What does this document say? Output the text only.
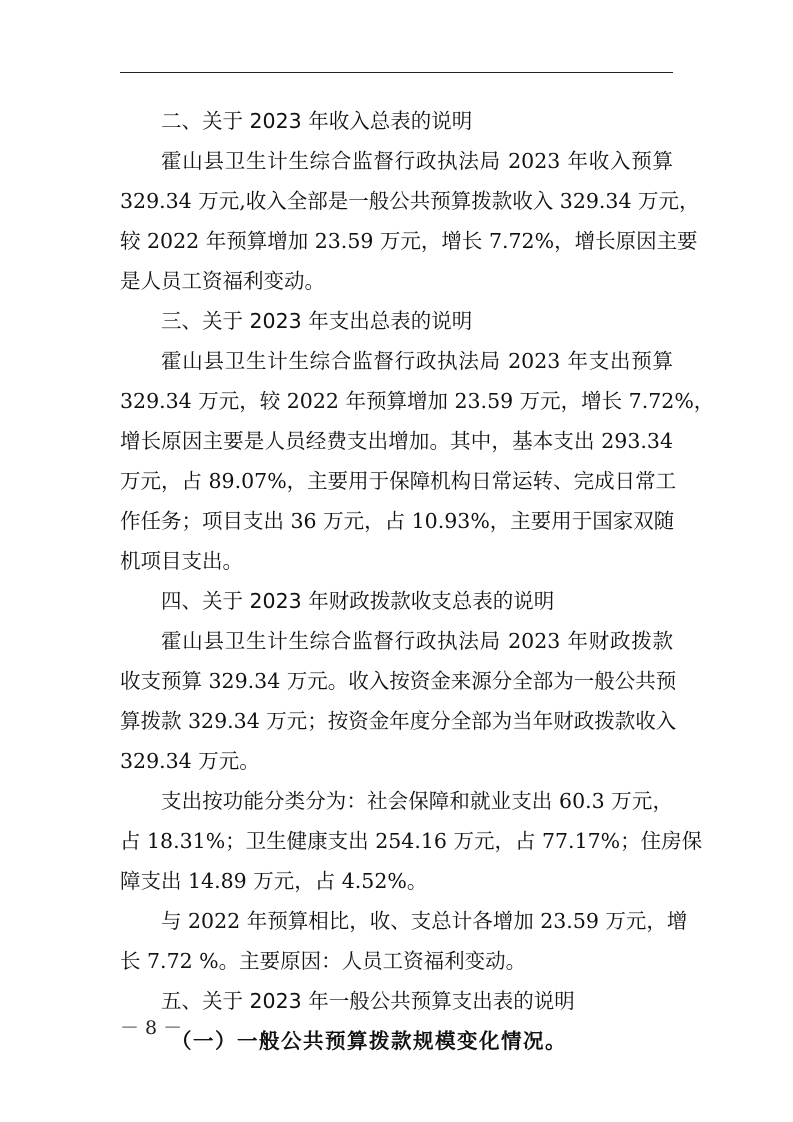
二、关于 2023 年收入总表的说明
霍山县卫生计生综合监督行政执法局 2023 年收入预算
329.34 万元,收入全部是一般公共预算拨款收入 329.34 万元，
较 2022 年预算增加 23.59 万元，增长 7.72%，增长原因主要
是人员工资福利变动。
三、关于 2023 年支出总表的说明
霍山县卫生计生综合监督行政执法局 2023 年支出预算
329.34 万元，较 2022 年预算增加 23.59 万元，增长 7.72%，
增长原因主要是人员经费支出增加。其中，基本支出 293.34
万元，占 89.07%，主要用于保障机构日常运转、完成日常工
作任务；项目支出 36 万元，占 10.93%，主要用于国家双随
机项目支出。
四、关于 2023 年财政拨款收支总表的说明
霍山县卫生计生综合监督行政执法局 2023 年财政拨款
收支预算 329.34 万元。收入按资金来源分全部为一般公共预
算拨款 329.34 万元；按资金年度分全部为当年财政拨款收入
329.34 万元。
支出按功能分类分为：社会保障和就业支出 60.3 万元，
占 18.31%；卫生健康支出 254.16 万元，占 77.17%；住房保
障支出 14.89 万元，占 4.52%。
与 2022 年预算相比，收、支总计各增加 23.59 万元，增
长 7.72 %。主要原因：人员工资福利变动。
五、关于 2023 年一般公共预算支出表的说明
（一）一般公共预算拨款规模变化情况。
－ 8 －
